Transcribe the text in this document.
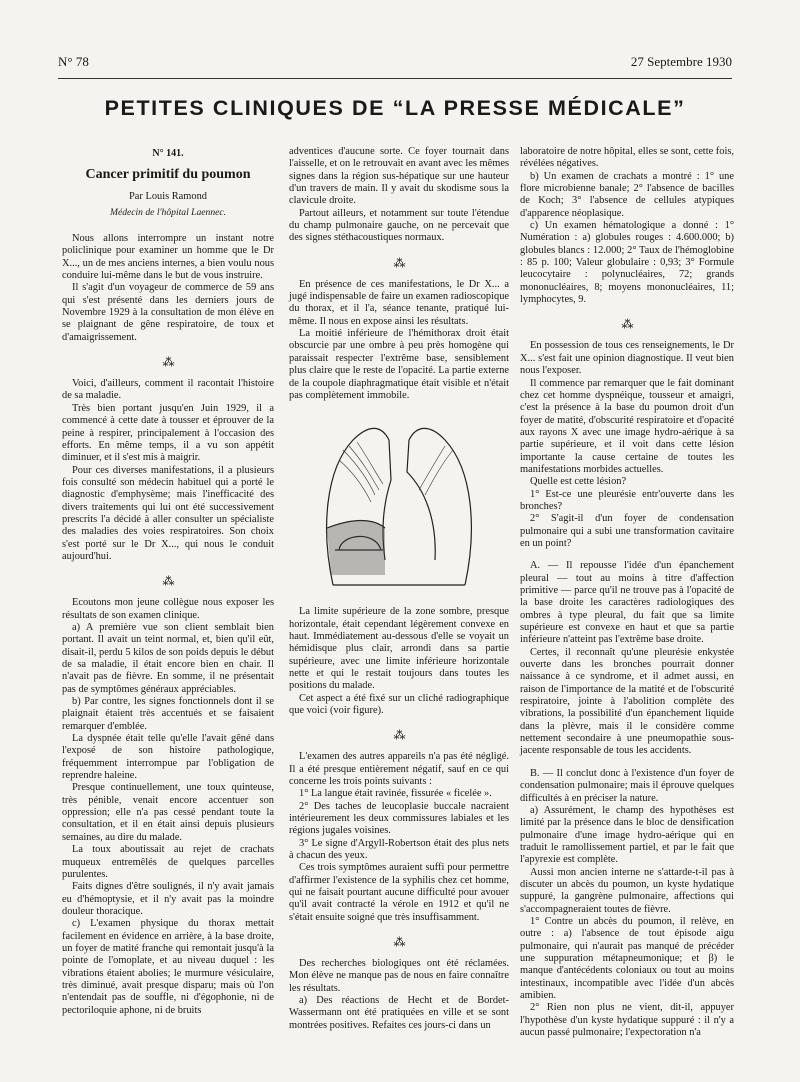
N° 78	27 Septembre 1930
PETITES CLINIQUES DE “LA PRESSE MÉDICALE”

N° 141.

Cancer primitif du poumon

Par Louis Ramond

Médecin de l'hôpital Laennec.

Nous allons interrompre un instant notre policlinique pour examiner un homme que le Dr X..., un de mes anciens internes, a bien voulu nous conduire lui-même dans le but de vous instruire.

Il s'agit d'un voyageur de commerce de 59 ans qui s'est présenté dans les derniers jours de Novembre 1929 à la consultation de mon élève en se plaignant de gêne respiratoire, de toux et d'amaigrissement.

⁂

Voici, d'ailleurs, comment il racontait l'histoire de sa maladie.

Très bien portant jusqu'en Juin 1929, il a commencé à cette date à tousser et éprouver de la peine à respirer, principalement à l'occasion des efforts. En même temps, il a vu son appétit diminuer, et il s'est mis à maigrir.

Pour ces diverses manifestations, il a plusieurs fois consulté son médecin habituel qui a porté le diagnostic d'emphysème; mais l'inefficacité des divers traitements qui lui ont été successivement prescrits l'a décidé à aller consulter un spécialiste des maladies des voies respiratoires. Son choix s'est porté sur le Dr X..., qui nous le conduit aujourd'hui.

⁂

Ecoutons mon jeune collègue nous exposer les résultats de son examen clinique.

a) A première vue son client semblait bien portant. Il avait un teint normal, et, bien qu'il eût, disait-il, perdu 5 kilos de son poids depuis le début de sa maladie, il était encore bien en chair. Il n'avait pas de fièvre. En somme, il ne présentait pas de symptômes généraux appréciables.

b) Par contre, les signes fonctionnels dont il se plaignait étaient très accentués et se faisaient remarquer d'emblée.

La dyspnée était telle qu'elle l'avait gêné dans l'exposé de son histoire pathologique, fréquemment interrompue par l'obligation de reprendre haleine.

Presque continuellement, une toux quinteuse, très pénible, venait encore accentuer son oppression; elle n'a pas cessé pendant toute la consultation, et il en était ainsi depuis plusieurs semaines, au dire du malade.

La toux aboutissait au rejet de crachats muqueux entremêlés de quelques parcelles purulentes.

Faits dignes d'être soulignés, il n'y avait jamais eu d'hémoptysie, et il n'y avait pas la moindre douleur thoracique.

c) L'examen physique du thorax mettait facilement en évidence en arrière, à la base droite, un foyer de matité franche qui remontait jusqu'à la pointe de l'omoplate, et au niveau duquel : les vibrations étaient abolies; le murmure vésiculaire, très diminué, avait presque disparu; mais où l'on n'entendait pas de souffle, ni d'égophonie, ni de pectoriloquie aphone, ni de bruits

adventices d'aucune sorte. Ce foyer tournait dans l'aisselle, et on le retrouvait en avant avec les mêmes signes dans la région sus-hépatique sur une hauteur d'un travers de main. Il y avait du skodisme sous la clavicule droite.

Partout ailleurs, et notamment sur toute l'étendue du champ pulmonaire gauche, on ne percevait que des signes stéthacoustiques normaux.

⁂

En présence de ces manifestations, le Dr X... a jugé indispensable de faire un examen radioscopique du thorax, et il l'a, séance tenante, pratiqué lui-même. Il nous en expose ainsi les résultats.

La moitié inférieure de l'hémithorax droit était obscurcie par une ombre à peu près homogène qui paraissait respecter l'extrême base, sensiblement plus claire que le reste de l'opacité. La partie externe de la coupole diaphragmatique était visible et n'était pas complètement immobile.

La limite supérieure de la zone sombre, presque horizontale, était cependant légèrement convexe en haut. Immédiatement au-dessous d'elle se voyait un hémidisque plus clair, arrondi dans sa partie supérieure, avec une limite inférieure horizontale nette et qui le restait toujours dans toutes les positions du malade.

Cet aspect a été fixé sur un cliché radiographique que voici (voir figure).

⁂

L'examen des autres appareils n'a pas été négligé. Il a été presque entièrement négatif, sauf en ce qui concerne les trois points suivants :

1° La langue était ravinée, fissurée « ficelée ».

2° Des taches de leucoplasie buccale nacraient intérieurement les deux commissures labiales et les régions jugales voisines.

3° Le signe d'Argyll-Robertson était des plus nets à chacun des yeux.

Ces trois symptômes auraient suffi pour permettre d'affirmer l'existence de la syphilis chez cet homme, qui ne faisait pourtant aucune difficulté pour avouer qu'il avait contracté la vérole en 1912 et qu'il ne s'était ensuite soigné que très insuffisamment.

⁂

Des recherches biologiques ont été réclamées. Mon élève ne manque pas de nous en faire connaître les résultats.

a) Des réactions de Hecht et de Bordet-Wassermann ont été pratiquées en ville et se sont montrées positives. Refaites ces jours-ci dans un

laboratoire de notre hôpital, elles se sont, cette fois, révélées négatives.

b) Un examen de crachats a montré : 1° une flore microbienne banale; 2° l'absence de bacilles de Koch; 3° l'absence de cellules atypiques d'apparence néoplasique.

c) Un examen hématologique a donné : 1° Numération : a) globules rouges : 4.600.000; b) globules blancs : 12.000; 2° Taux de l'hémoglobine : 85 p. 100; Valeur globulaire : 0,93; 3° Formule leucocytaire : polynucléaires, 72; grands mononucléaires, 8; moyens mononucléaires, 11; lymphocytes, 9.

⁂

En possession de tous ces renseignements, le Dr X... s'est fait une opinion diagnostique. Il veut bien nous l'exposer.

Il commence par remarquer que le fait dominant chez cet homme dyspnéique, tousseur et amaigri, c'est la présence à la base du poumon droit d'un foyer de matité, d'obscurité respiratoire et d'opacité aux rayons X avec une image hydro-aérique à sa partie supérieure, et il voit dans cette lésion importante la cause certaine de toutes les manifestations morbides actuelles.

Quelle est cette lésion?

1° Est-ce une pleurésie entr'ouverte dans les bronches?

2° S'agit-il d'un foyer de condensation pulmonaire qui a subi une transformation cavitaire en un point?

A. — Il repousse l'idée d'un épanchement pleural — tout au moins à titre d'affection primitive — parce qu'il ne trouve pas à l'opacité de la base droite les caractères radiologiques des ombres à type pleural, du fait que sa limite supérieure est convexe en haut et que sa partie inférieure n'atteint pas l'extrême base droite.

Certes, il reconnaît qu'une pleurésie enkystée ouverte dans les bronches pourrait donner naissance à ce syndrome, et il admet aussi, en raison de l'importance de la matité et de l'obscurité respiratoire, jointe à l'abolition complète des vibrations, la possibilité d'un épanchement liquide dans la plèvre, mais il le considère comme nettement secondaire à une pneumopathie sous-jacente responsable de tous les accidents.

B. — Il conclut donc à l'existence d'un foyer de condensation pulmonaire; mais il éprouve quelques difficultés à en préciser la nature.

a) Assurément, le champ des hypothèses est limité par la présence dans le bloc de densification pulmonaire d'une image hydro-aérique qui en traduit le ramollissement partiel, et par le fait que l'apyrexie est complète.

Aussi mon ancien interne ne s'attarde-t-il pas à discuter un abcès du poumon, un kyste hydatique suppuré, la gangrène pulmonaire, affections qui s'accompagneraient toutes de fièvre.

1° Contre un abcès du poumon, il relève, en outre : a) l'absence de tout épisode aigu pulmonaire, qui n'aurait pas manqué de précéder une suppuration métapneumonique; et β) le manque d'antécédents coloniaux ou tout au moins intestinaux, incompatible avec l'idée d'un abcès amibien.

2° Rien non plus ne vient, dit-il, appuyer l'hypothèse d'un kyste hydatique suppuré : il n'y a aucun passé pulmonaire; l'expectoration n'a
